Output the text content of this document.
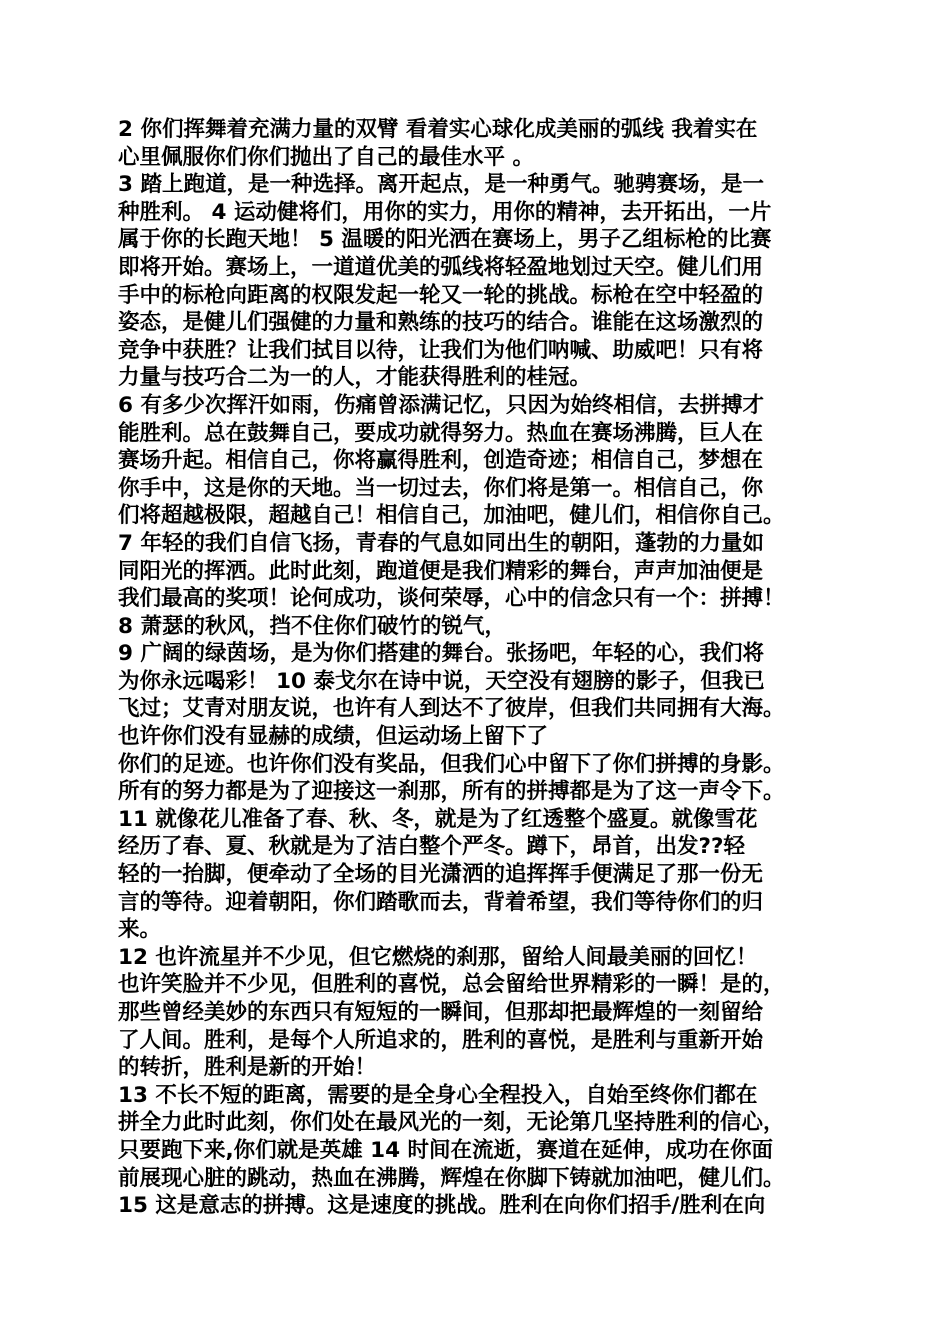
2 你们挥舞着充满力量的双臂 看着实心球化成美丽的弧线 我着实在
心里佩服你们你们抛出了自己的最佳水平 。
3 踏上跑道，是一种选择。离开起点，是一种勇气。驰骋赛场，是一
种胜利。 4 运动健将们，用你的实力，用你的精神，去开拓出，一片
属于你的长跑天地！ 5 温暖的阳光洒在赛场上，男子乙组标枪的比赛
即将开始。赛场上，一道道优美的弧线将轻盈地划过天空。健儿们用
手中的标枪向距离的权限发起一轮又一轮的挑战。标枪在空中轻盈的
姿态，是健儿们强健的力量和熟练的技巧的结合。谁能在这场激烈的
竞争中获胜？让我们拭目以待，让我们为他们呐喊、助威吧！只有将
力量与技巧合二为一的人，才能获得胜利的桂冠。
6 有多少次挥汗如雨，伤痛曾添满记忆，只因为始终相信，去拼搏才
能胜利。总在鼓舞自己，要成功就得努力。热血在赛场沸腾，巨人在
赛场升起。相信自己，你将赢得胜利，创造奇迹；相信自己，梦想在
你手中，这是你的天地。当一切过去，你们将是第一。相信自己，你
们将超越极限，超越自己！相信自己，加油吧，健儿们，相信你自己。
7 年轻的我们自信飞扬，青春的气息如同出生的朝阳，蓬勃的力量如
同阳光的挥洒。此时此刻，跑道便是我们精彩的舞台，声声加油便是
我们最高的奖项！论何成功，谈何荣辱，心中的信念只有一个：拼搏！
8 萧瑟的秋风，挡不住你们破竹的锐气，
9 广阔的绿茵场，是为你们搭建的舞台。张扬吧，年轻的心，我们将
为你永远喝彩！ 10 泰戈尔在诗中说，天空没有翅膀的影子，但我已
飞过；艾青对朋友说，也许有人到达不了彼岸，但我们共同拥有大海。
也许你们没有显赫的成绩，但运动场上留下了
你们的足迹。也许你们没有奖品，但我们心中留下了你们拼搏的身影。
所有的努力都是为了迎接这一刹那，所有的拼搏都是为了这一声令下。
11 就像花儿准备了春、秋、冬，就是为了红透整个盛夏。就像雪花
经历了春、夏、秋就是为了洁白整个严冬。蹲下，昂首，出发??轻
轻的一抬脚，便牵动了全场的目光潇洒的追挥挥手便满足了那一份无
言的等待。迎着朝阳，你们踏歌而去，背着希望，我们等待你们的归
来。
12 也许流星并不少见，但它燃烧的刹那，留给人间最美丽的回忆！
也许笑脸并不少见，但胜利的喜悦，总会留给世界精彩的一瞬！是的，
那些曾经美妙的东西只有短短的一瞬间，但那却把最辉煌的一刻留给
了人间。胜利，是每个人所追求的，胜利的喜悦，是胜利与重新开始
的转折，胜利是新的开始！
13 不长不短的距离，需要的是全身心全程投入，自始至终你们都在
拼全力此时此刻，你们处在最风光的一刻，无论第几坚持胜利的信心，
只要跑下来,你们就是英雄 14 时间在流逝，赛道在延伸，成功在你面
前展现心脏的跳动，热血在沸腾，辉煌在你脚下铸就加油吧，健儿们。
15 这是意志的拼搏。这是速度的挑战。胜利在向你们招手/胜利在向
